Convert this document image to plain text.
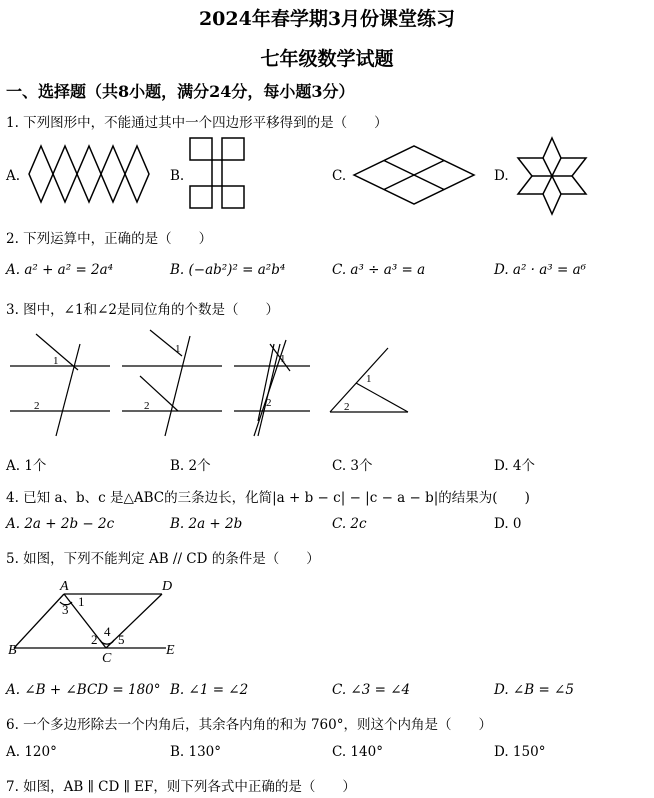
2024年春学期3月份课堂练习
七年级数学试题
一、选择题（共8小题，满分24分，每小题3分）
1. 下列图形中，不能通过其中一个四边形平移得到的是（　　）
A.	B.	C.	D.
2. 下列运算中，正确的是（　　）
A. a² + a² = 2a⁴	B. (−ab²)² = a²b⁴	C. a³ ÷ a³ = a	D. a² · a³ = a⁶
3. 图中，∠1和∠2是同位角的个数是（　　）
1
2
1
2
1
2
1
2
A. 1个	B. 2个	C. 3个	D. 4个
4. 已知 a、b、c 是△ABC的三条边长，化简|a + b − c| − |c − a − b|的结果为(　　)
A. 2a + 2b − 2c	B. 2a + 2b	C. 2c	D. 0
5. 如图，下列不能判定 AB // CD 的条件是（　　）
A	D
B
C
E
3
1
2
4
5
A. ∠B + ∠BCD = 180° B. ∠1 = ∠2	C. ∠3 = ∠4	D. ∠B = ∠5
6. 一个多边形除去一个内角后，其余各内角的和为 760°，则这个内角是（　　）
A. 120°	B. 130°	C. 140°	D. 150°
7. 如图，AB ∥ CD ∥ EF，则下列各式中正确的是（　　）
